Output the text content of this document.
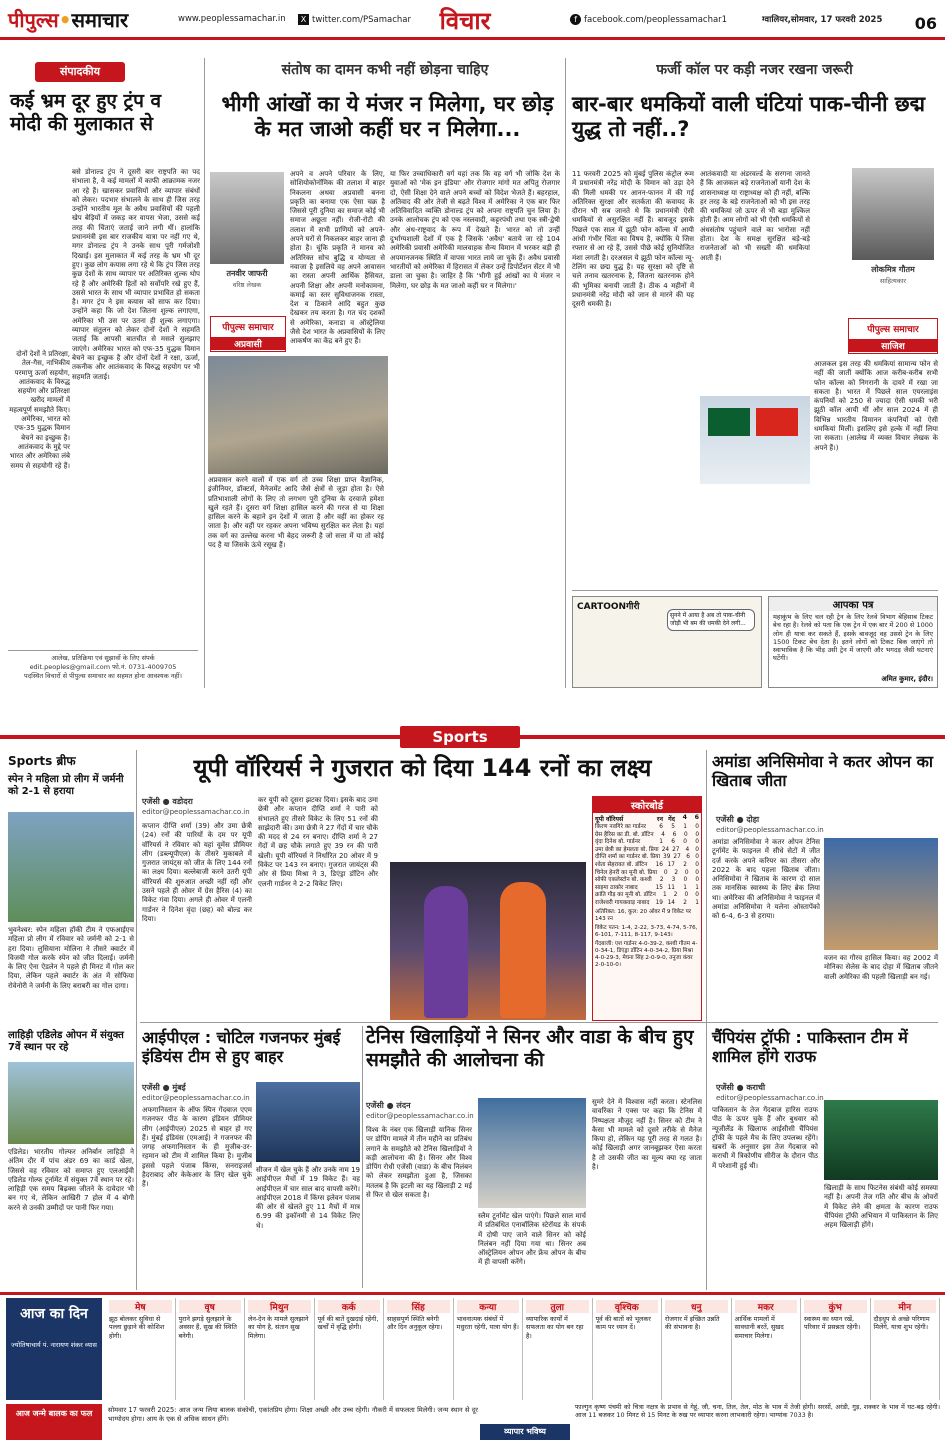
पीपुल्स•समाचार	www.peoplessamachar.in	X twitter.com/PSamachar	विचार	f facebook.com/peoplessamachar1	ग्वालियर,सोमवार, 17 फरवरी 2025	06
संपादकीय
कई भ्रम दूर हुए ट्रंप व मोदी की मुलाकात से
बसे डोनाल्ड ट्रंप ने दूसरी बार राष्ट्रपति का पद संभाला है, वे कई मामलों में काफी आक्रामक नजर आ रहे हैं। खासकर प्रवासियों और व्यापार संबंधों को लेकर। पदभार संभालने के साथ ही जिस तरह उन्होंने भारतीय मूल के अवैध प्रवासियों की पहली खेप बेड़ियों में जकड़ कर वापस भेजा, उससे कई तरह की चिंताएं जताई जाने लगी थीं। हालांकि प्रधानमंत्री इस बार राजकीय यात्रा पर नहीं गए थे, मगर डोनाल्ड ट्रंप ने उनके साथ पूरी गर्मजोशी दिखाई। इस मुलाकात में कई तरह के भ्रम भी दूर हुए। कुछ लोग कयास लगा रहे थे कि ट्रंप जिस तरह कुछ देशों के साथ व्यापार पर अतिरिक्त शुल्क थोप रहे हैं और अमेरिकी हितों को सर्वोपरि रखे हुए हैं, उससे भारत के साथ भी व्यापार प्रभावित हो सकता है। मगर ट्रंप ने इस कयास को साफ कर दिया। उन्होंने कहा कि जो देश जितना शुल्क लगाएगा, अमेरिका भी उस पर उतना ही शुल्क लगाएगा। व्यापार संतुलन को लेकर दोनों देशों ने सहमति जताई कि आपसी बातचीत से मसले सुलझाए जाएंगे। अमेरिका भारत को एफ-35 युद्धक विमान बेचने का इच्छुक है और दोनों देशों ने रक्षा, ऊर्जा, तकनीक और आतंकवाद के विरुद्ध सहयोग पर भी सहमति जताई।
दोनों देशों ने प्रतिरक्षा, तेल-गैस, नाभिकीय परमाणु ऊर्जा सहयोग, आतंकवाद के विरुद्ध सहयोग और प्रतिरक्षा खरीद मामलों में महत्वपूर्ण समझौते किए। अमेरिका, भारत को एफ-35 युद्धक विमान बेचने का इच्छुक है। आतंकवाद के मुद्दे पर भारत और अमेरिका लंबे समय से सहयोगी रहे हैं।
आलेख, प्रतिक्रिया एवं सुझावों के लिए संपर्क
edit.peoples@gmail.com फो.नं. 0731-4009705
पदस्थित विचारों से पीपुल्स समाचार का सहमत होना आवश्यक नहीं।
संतोष का दामन कभी नहीं छोड़ना चाहिए
भीगी आंखों का ये मंजर न मिलेगा, घर छोड़ के मत जाओ कहीं घर न मिलेगा...
तनवीर जाफरी
वरिष्ठ लेखक
पीपुल्स समाचार
अप्रवासी
अपने व अपने परिवार के लिए, सोशियोकोनॉमिक की तलाश में बाहर निकलना अथवा अप्रवासी बनना प्रकृति का बनाया एक ऐसा चक्र है जिससे पूरी दुनिया का समाज कोई भी समाज अछूता नहीं। रोजी-रोटी की तलाश में सभी प्राणियों को अपने-अपने घरों से निकलकर बाहर जाना ही होता है। चूंकि प्रकृति ने मानव को अतिरिक्त सोच बुद्धि व योग्यता से नवाजा है इसलिये वह अपने आवासन का रास्ता अपनी आर्थिक हैसियत, अपनी शिक्षा और अपनी मनोकामना, कमाई का स्तर सुविधाजनक रास्ता, देश व ठिकाने आदि बहुत कुछ देखकर तय करता है। गत चंद दशकों से अमेरिका, कनाडा व ऑस्ट्रेलिया जैसे देश भारत के अप्रवासियों के लिए आकर्षण का केंद्र बने हुए हैं।
अप्रवासन करने वालों में एक वर्ग तो उच्च शिक्षा प्राप्त वैज्ञानिक, इंजीनियर, डॉक्टर्स, मैनेजमेंट आदि जैसे क्षेत्रों से जुड़ा होता है। ऐसे प्रतिभाशाली लोगों के लिए तो लगभग पूरी दुनिया के दरवाजे हमेशा खुले रहते हैं। दूसरा वर्ग शिक्षा हासिल करने की गरज से या शिक्षा हासिल करने के बहाने इन देशों में जाता है और वहीं का होकर रह जाता है। और वहीं पर रहकर अपना भविष्य सुरक्षित कर लेता है। यहां तक वर्ग का उल्लेख करना भी बेहद जरूरी है जो सत्ता में या तो कोई पद है या जिसके ऊंचे रसूख हैं।
या फिर उच्चाधिकारी वर्ग यहां तक कि वह वर्ग भी जोकि देश के युवाओं को 'मेक इन इंडिया' और रोजगार मांगो मत अपितु रोजगार दो, ऐसी शिक्षा देने वाले अपने बच्चों को विदेश भेजते हैं। बहरहाल, अतिवाद की ओर तेजी से बढ़ते विश्व में अमेरिका ने एक बार फिर अतिविवादित व्यक्ति डोनाल्ड ट्रंप को अपना राष्ट्रपति चुन लिया है। उनके आलोचक ट्रंप को एक नस्लवादी, कट्टरपंथी तथा एक स्त्री-द्वेषी और अंध-राष्ट्रवाद के रूप में देखते हैं। भारत को तो उन्हीं दुर्भाग्यशाली देशों में एक है जिसके 'अवैध' बताये जा रहे 104 अमेरिकी प्रवासी अमेरिकी मालवाहक सैन्य विमान में भरकर बड़ी ही अपमानजनक स्थिति में वापस भारत लाये जा चुके हैं। अवैध प्रवासी भारतीयों को अमेरिका में हिरासत में लेकर उन्हें डिपोर्टेशन सेंटर में भी डाला जा चुका है। जाहिर है कि 'भीगी हुई आंखों का ये मंजर न मिलेगा, घर छोड़ के मत जाओ कहीं घर न मिलेगा।'
फर्जी कॉल पर कड़ी नजर रखना जरूरी
बार-बार धमकियों वाली घंटियां पाक-चीनी छद्म युद्ध तो नहीं..?
11 फरवरी 2025 को मुंबई पुलिस कंट्रोल रूम में प्रधानमंत्री नरेंद्र मोदी के विमान को उड़ा देने की मिली धमकी पर आनन-फानन में की गई अतिरिक्त सुरक्षा और सतर्कता की कवायद के दौरान भी सब जानते थे कि प्रधानमंत्री ऐसी धमकियों से असुरक्षित नहीं हैं। बावजूद इसके पिछले एक साल में झूठी फोन कॉल्स में आयी आंधी गंभीर चिंता का विषय है, क्योंकि ये जिस रफ्तार से आ रहे हैं, उससे पीछे कोई सुनियोजित मंशा लगती है। दरअसल ये झूठी फोन कॉल्स न्यू-टेलिंग का छद्म युद्ध है। यह सुरक्षा को दृष्टि से चले तनाव खतरनाक है, जितना खतरनाक होने की भूमिका बनायी जाती है। ठीक 4 महीनों में प्रधानमंत्री नरेंद्र मोदी को जान से मारने की यह दूसरी धमकी है।
आतंकवादी या अंडरवर्ल्ड के सरगना जानते हैं कि आजकल बड़े राजनेताओं यानी देश के शासनाध्यक्ष या राष्ट्राध्यक्ष को ही नहीं, बल्कि हर तरह के बड़े राजनेताओं को भी इस तरह की धमकियां जो ऊपर से भी बड़ा मुश्किल होती हैं। आम लोगों को भी ऐसी धमकियों से अंधसंतोष पहुंचाने वाले का भारोसा नहीं होता। देश के समक्ष सुरक्षित बड़े-बड़े राजनेताओं को भी सख्ती की धमकियां आती हैं।
लोकमित्र गौतम
साहित्यकार
पीपुल्स समाचार
साजिश
आजकल इस तरह की धमकियां सामान्य फोन से नहीं की जातीं क्योंकि आज करीब-करीब सभी फोन कॉल्स को निगरानी के दायरे में रखा जा सकता है। भारत में पिछले साल एयरलाइंस कंपनियों को 250 से ज्यादा ऐसी धमकी भरी झूठी कॉल आयी थीं और साल 2024 में ही विभिन्न भारतीय विमानन कंपनियों को ऐसी धमकियां मिलीं। इसलिए इसे हल्के में नहीं लिया जा सकता। (आलेख में व्यक्त विचार लेखक के अपने हैं।)
CARTOONगीरी
सुनने में आया है अब तो पाक-चीनी जोड़ी भी बम की धमकी देने लगी...
आपका पत्र
महाकुंभ के लिए चल रही ट्रेन के लिए रेलवे विभाग बेहिसाब टिकट बेच रहा है। रेलवे को पता कि एक ट्रेन में एक बार में 200 से 1000 लोग ही यात्रा कर सकते हैं, इसके बावजूद वह उससे ट्रेन के लिए 1500 टिकट बेच देता है। इतने लोगों को टिकट बिक जाएंगे तो स्वाभाविक है कि भीड़ उसी ट्रेन में जाएगी और भगदड़ जैसी घटनाएं घटेंगी।
अमित कुमार, इंदौर।
Sports
Sports ब्रीफ
स्पेन ने महिला प्रो लीग में जर्मनी को 2-1 से हराया
भुवनेश्वर: स्पेन महिला हॉकी टीम ने एफआईएच महिला प्रो लीग में रविवार को जर्मनी को 2-1 से हरा दिया। लुसियाना मोलिना ने तीसरे क्वार्टर में विजयी गोल करके स्पेन को जीत दिलाई। जर्मनी के लिए ऐना ऐडलेन ने पहले ही मिनट में गोल कर दिया, लेकिन पहले क्वार्टर के अंत में सोफिया रोवेनोरी ने जर्मनी के लिए बराबरी का गोल दागा।
लाहिड़ी एडिलेड ओपन में संयुक्त 7वें स्थान पर रहे
एडिलेड। भारतीय गोल्फर अनिर्बान लाहिड़ी ने अंतिम दौर में पांच अंडर 69 का कार्ड खेला, जिससे वह रविवार को समाप्त हुए एलआईवी एडिलेड गोल्फ टूर्नामेंट में संयुक्त 7वें स्थान पर रहे। लाहिड़ी एक समय बिढ़क्स जीतने के दावेदार भी बन गए थे, लेकिन आखिरी 7 होल में 4 बोगी करने से उनकी उम्मीदों पर पानी फिर गया।
यूपी वॉरियर्स ने गुजरात को दिया 144 रनों का लक्ष्य
एजेंसी ● वडोदरा
editor@peoplessamachar.co.in
कप्तान दीप्ति शर्मा (39) और उमा छेत्री (24) रनों की पारियों के दम पर यूपी वॉरियर्स ने रविवार को यहां वूमेंस प्रीमियर लीग (डब्ल्यूपीएल) के तीसरे मुकाबले में गुजरात जायंट्स को जीत के लिए 144 रनों का लक्ष्य दिया। बल्लेबाजी करने उतरी यूपी वॉरियर्स की शुरुआत अच्छी नहीं रही और उसने पहले ही ओवर में ग्रेस हैरिस (4) का विकेट गंवा दिया। अगले ही ओवर में एलनी गार्डनर ने दिनेश वृंदा (छह) को बोल्ड कर दिया।
कर यूपी को दूसरा झटका दिया। इसके बाद उमा छेत्री और कप्तान दीप्ति शर्मा ने पारी को संभालते हुए तीसरे विकेट के लिए 51 रनों की साझेदारी की। उमा छेत्री ने 27 गेंदों में चार चौके की मदद से 24 रन बनाए। दीप्ति शर्मा ने 27 गेंदों में छह चौके लगाते हुए 39 रन की पारी खेली। यूपी वॉरियर्स ने निर्धारित 20 ओवर में 9 विकेट पर 143 रन बनाए। गुजरात जायंट्स की ओर से प्रिया मिश्रा ने 3, डिएंड्रा डॉटिन और एलनी गार्डनर ने 2-2 विकेट लिए।
स्कोरबोर्ड
यूपी वॉरियर्स	रन गेंद	4	6
किरण नवगिरे का गार्डनर	6	5	1	0
ग्रेस हैरिस का डी. बो. डॉटिन	4	6	0	0
वृंदा दिनेश बो. गार्डनर	1	6	0	0
उमा छेत्री का हेमलता बो. प्रिया 24 27	4	0
दीप्ति शर्मा का गार्डनर बो. प्रिया 39 27 6 0
श्वेता सेहरावत बो. डॉटिन	16 17	2	0
चिनेल हेनरी का मूनी बो. प्रिया	0	2	0	0
सोफी एकलेस्टोन बो. कश्वी	2	3	0	0
साइमा ठाकोर नाबाद	15 11	1	1
क्रांति गौड़ का मूनी बो. डॉटिन	1	2	0	0
राजेश्वरी गायकवाड़ नाबाद 19 14	2	1
अतिरिक्त: 16, कुल: 20 ओवर में 9 विकेट पर 143 रन
विकेट पतन: 1-4, 2-22, 3-73, 4-74, 5-76, 6-101, 7-111, 8-117, 9-143।
गेंदबाजी: एश गार्डनर 4-0-39-2, कश्वी गौतम 4-0-34-1, डिएंड्रा डॉटिन 4-0-34-2, प्रिया मिश्रा 4-0-29-3, मेघना सिंह 2-0-9-0, तनुजा कंवर 2-0-10-0।
अमांडा अनिसिमोवा ने कतर ओपन का खिताब जीता
एजेंसी ● दोहा
editor@peoplessamachar.co.in
अमांडा अनिसिमोवा ने कतर ओपन टेनिस टूर्नामेंट के फाइनल में सीधे सेटों में जीत दर्ज करके अपने करियर का तीसरा और 2022 के बाद पहला खिताब जीता। अनिसिमोवा ने खिताब के कारण दो साल तक मानसिक स्वास्थ्य के लिए ब्रेक लिया था। अमेरिका की अनिसिमोवा ने फाइनल में अमांडा अनिसिमोवा ने यलेना ओस्तापेंको को 6-4, 6-3 से हराया।
वजन का गौरव हासिल किया। वह 2002 में मोनिका सेलेस के बाद दोहा में खिताब जीतने वाली अमेरिका की पहली खिलाड़ी बन गई।
आईपीएल : चोटिल गजनफर मुंबई इंडियंस टीम से हुए बाहर
एजेंसी ● मुंबई
editor@peoplessamachar.co.in
अफगानिस्तान के ऑफ स्पिन गेंदबाज एएम गजनफर पीठ के कारण इंडियन प्रीमियर लीग (आईपीएल) 2025 से बाहर हो गए हैं। मुंबई इंडियंस (एमआई) ने गजनफर की जगह अफगानिस्तान के ही मुजीब-उर-रहमान को टीम में शामिल किया है। मुजीब इससे पहले पंजाब किंग्स, सनराइजर्स हैदराबाद और केकेआर के लिए खेल चुके हैं।
सीजन में खेल चुके हैं और उनके नाम 19 आईपीएल मैचों में 19 विकेट हैं। वह आईपीएल में चार साल बाद वापसी करेंगे। आईपीएल 2018 में किंग्स इलेवन पंजाब की ओर से खेलते हुए 11 मैचों में मात्र 6.99 की इकॉनमी से 14 विकेट लिए थे।
टेनिस खिलाड़ियों ने सिनर और वाडा के बीच हुए समझौते की आलोचना की
एजेंसी ● लंदन
editor@peoplessamachar.co.in
विश्व के नंबर एक खिलाड़ी यानिक सिनर पर डोपिंग मामले में तीन महीने का प्रतिबंध लगाने के समझौते को टेनिस खिलाड़ियों ने कड़ी आलोचना की है। सिनर और विश्व डोपिंग रोधी एजेंसी (वाडा) के बीच निलंबन को लेकर समझौता हुआ है, जिसका मतलब है कि इटली का यह खिलाड़ी 2 मई से फिर से खेल सकता है।
स्लैम टूर्नामेंट खेल पाएंगे। पिछले साल मार्च में प्रतिबंधित एनाबॉलिक स्टेरॉयड के संपर्क में दोषी पाए जाने वाले सिनर को कोई निलंबन नहीं दिया गया था। सिनर अब ऑस्ट्रेलियन ओपन और फ्रेंच ओपन के बीच में ही वापसी करेंगे।
सुमरे देने में विश्वास नहीं करता। स्टेनलिस वावरिंका ने एक्स पर कहा कि टेनिस में निष्पक्षता मौजूद नहीं है। सिनर को टीम ने कैसा भी मामले को दूसरे तरीके से मैनेज किया हो, लेकिन यह पूरी तरह से गलत है। कोई खिलाड़ी अगर जानबूझकर ऐसा करता है तो उसकी जीत का मूल्य क्या रह जाता है।
चैंपियंस ट्रॉफी : पाकिस्तान टीम में शामिल होंगे राउफ
एजेंसी ● कराची
editor@peoplessamachar.co.in
पाकिस्तान के तेज गेंदबाज हारिस राउफ पीठ के ऊपर चुके हैं और बुधवार को न्यूजीलैंड के खिलाफ आईसीसी चैंपियंस ट्रॉफी के पहले मैच के लिए उपलब्ध रहेंगे। खबरों के अनुसार इस तेज गेंदबाज को कराची में त्रिकोणीय सीरीज के दौरान पीठ में परेशानी हुई थी।
खिलाड़ी के साथ फिटनेस संबंधी कोई समस्या नहीं है। अपनी तेज गति और बीच के ओवरों में विकेट लेने की क्षमता के कारण राउफ चैंपियंस ट्रॉफी अभियान में पाकिस्तान के लिए अहम खिलाड़ी होंगे।
आज का दिन
ज्योतिषाचार्य पं. नारायण शंकर व्यास
मेष
झूठ बोलकर सुविधा से पल्ला छुड़ाने की कोशिश होगी।
वृष
पुराने झगड़े सुलझाने के अवसर हैं, सुख की स्थिति बनेगी।
मिथुन
लेन-देन के मामले सुलझाने का योग है, संतान सुख मिलेगा।
कर्क
पूर्व की बातें दुखदाई रहेंगी, खर्चों में वृद्धि होगी।
सिंह
साहसपूर्ण स्थिति बनेगी और दिन अनुकूल रहेगा।
कन्या
भावनात्मक संबंधों में मधुरता रहेगी, यात्रा योग हैं।
तुला
व्यापारिक कार्यों में सफलता का योग बन रहा है।
वृश्चिक
पूर्व की बातों को भूलकर काम पर ध्यान दें।
धनु
रोजगार में इच्छित उन्नति की संभावना है।
मकर
आर्थिक मामलों में सावधानी बरतें, सुखद समाचार मिलेगा।
कुंभ
स्वास्थ्य का ध्यान रखें, परिवार में प्रसन्नता रहेगी।
मीन
दौड़धूप से अच्छे परिणाम मिलेंगे, यात्रा शुभ रहेगी।
आज जन्मे बालक का फल	सोमवार 17 फरवरी 2025: आज जन्म लिया बालक संकोची, एकांतप्रिय होगा। शिक्षा अच्छी और उच्च रहेगी। नौकरी में सफलता मिलेगी। जन्म स्थान से दूर भाग्योदय होगा। आय के एक से अधिक साधन होंगे।
व्यापार भविष्य
फाल्गुन कृष्ण पंचमी को चित्रा नक्षत्र के प्रभाव से गेहूं, जौ, चना, तिल, तेल, मोठ के भाव में तेजी होगी। सरसों, अरंडी, गुड़, शक्कर के भाव में घट-बढ़ रहेगी। आज 11 बजकर 10 मिनट से 15 मिनट के रुख पर व्यापार करना लाभकारी रहेगा। भाग्यांक 7033 है।
